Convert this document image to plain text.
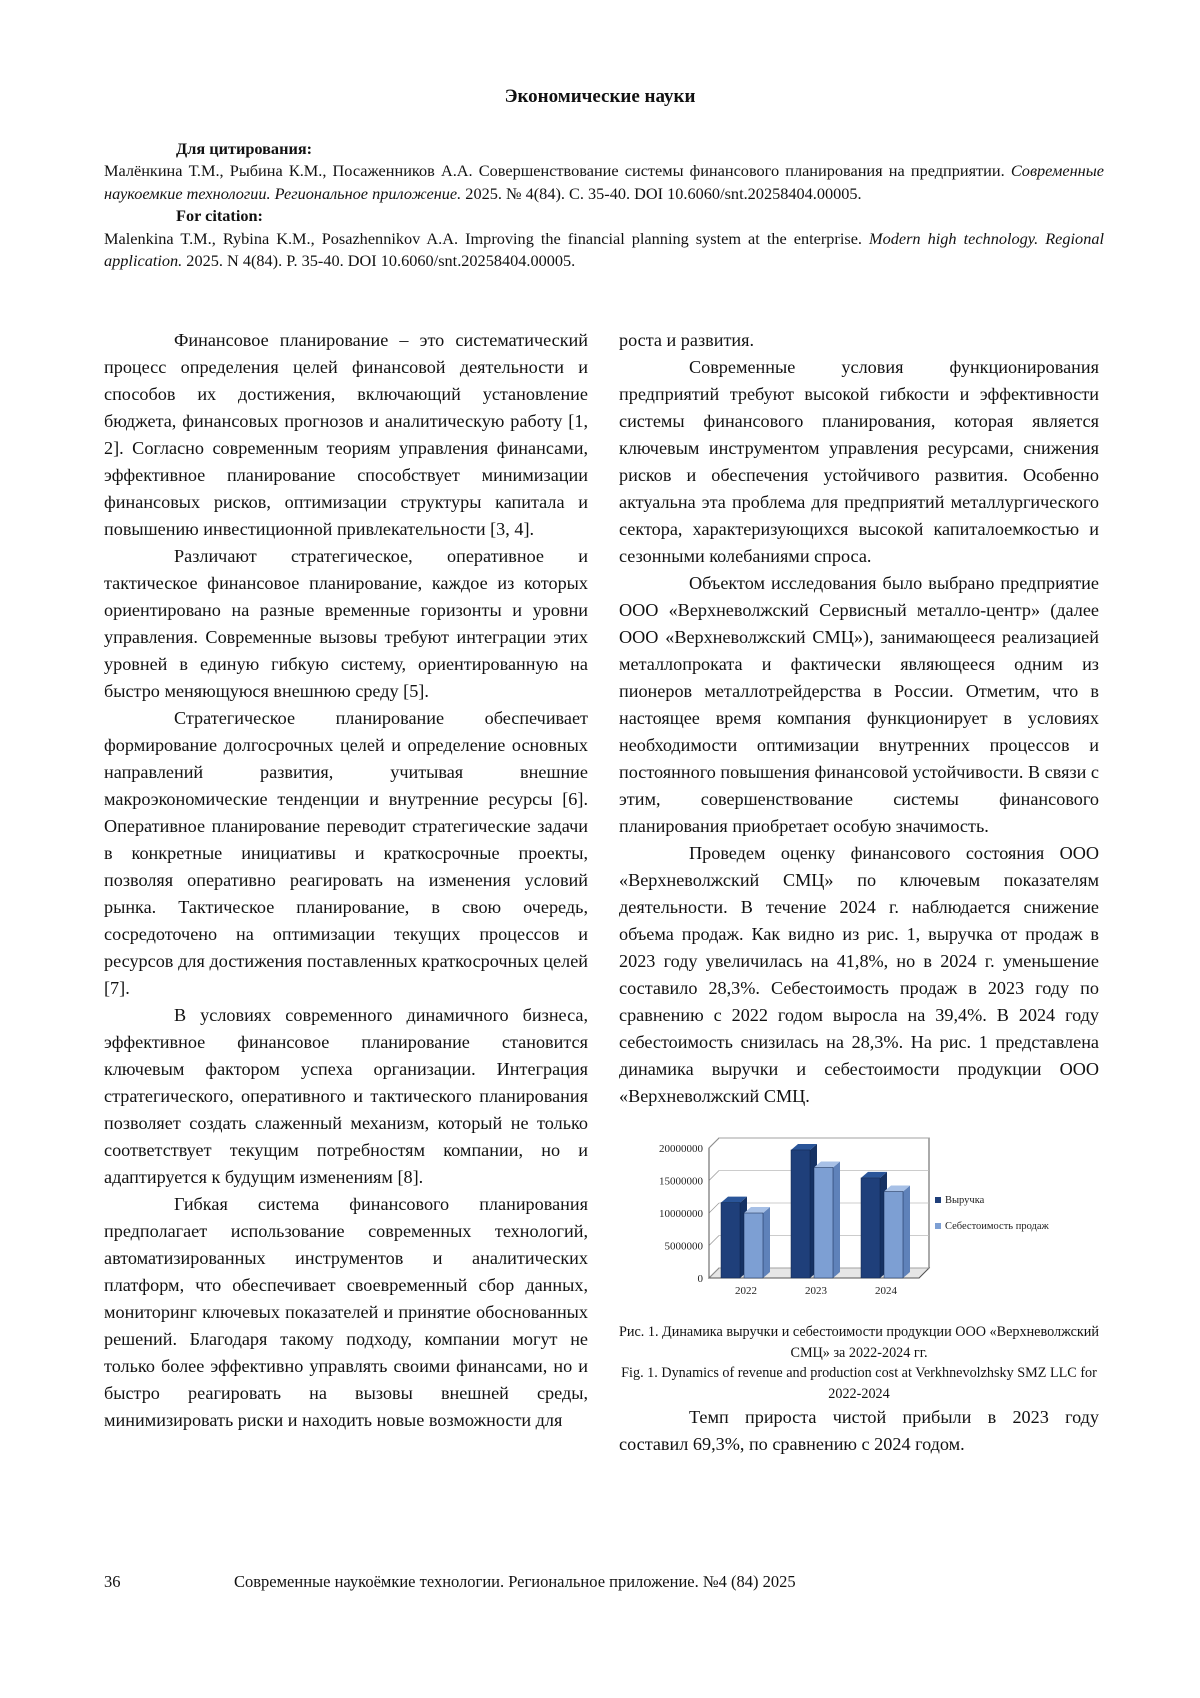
Экономические науки
Для цитирования:

Малёнкина Т.М., Рыбина К.М., Посаженников А.А. Совершенствование системы финансового планирования на предприятии. Современные наукоемкие технологии. Региональное приложение. 2025. № 4(84). С. 35-40. DOI 10.6060/snt.20258404.00005.

For citation:

Malenkina T.M., Rybina K.M., Posazhennikov A.A. Improving the financial planning system at the enterprise. Modern high technology. Regional application. 2025. N 4(84). P. 35-40. DOI 10.6060/snt.20258404.00005.

Финансовое планирование – это систематический процесс определения целей финансовой деятельности и способов их достижения, включающий установление бюджета, финансовых прогнозов и аналитическую работу [1, 2]. Согласно современным теориям управления финансами, эффективное планирование способствует минимизации финансовых рисков, оптимизации структуры капитала и повышению инвестиционной привлекательности [3, 4].

Различают стратегическое, оперативное и тактическое финансовое планирование, каждое из которых ориентировано на разные временные горизонты и уровни управления. Современные вызовы требуют интеграции этих уровней в единую гибкую систему, ориентированную на быстро меняющуюся внешнюю среду [5].

Стратегическое планирование обеспечивает формирование долгосрочных целей и определение основных направлений развития, учитывая внешние макроэкономические тенденции и внутренние ресурсы [6]. Оперативное планирование переводит стратегические задачи в конкретные инициативы и краткосрочные проекты, позволяя оперативно реагировать на изменения условий рынка. Тактическое планирование, в свою очередь, сосредоточено на оптимизации текущих процессов и ресурсов для достижения поставленных краткосрочных целей [7].

В условиях современного динамичного бизнеса, эффективное финансовое планирование становится ключевым фактором успеха организации. Интеграция стратегического, оперативного и тактического планирования позволяет создать слаженный механизм, который не только соответствует текущим потребностям компании, но и адаптируется к будущим изменениям [8].

Гибкая система финансового планирования предполагает использование современных технологий, автоматизированных инструментов и аналитических платформ, что обеспечивает своевременный сбор данных, мониторинг ключевых показателей и принятие обоснованных решений. Благодаря такому подходу, компании могут не только более эффективно управлять своими финансами, но и быстро реагировать на вызовы внешней среды, минимизировать риски и находить новые возможности для

роста и развития.

Современные условия функционирования предприятий требуют высокой гибкости и эффективности системы финансового планирования, которая является ключевым инструментом управления ресурсами, снижения рисков и обеспечения устойчивого развития. Особенно актуальна эта проблема для предприятий металлургического сектора, характеризующихся высокой капиталоемкостью и сезонными колебаниями спроса.

Объектом исследования было выбрано предприятие ООО «Верхневолжский Сервисный металло-центр» (далее ООО «Верхневолжский СМЦ»), занимающееся реализацией металлопроката и фактически являющееся одним из пионеров металлотрейдерства в России. Отметим, что в настоящее время компания функционирует в условиях необходимости оптимизации внутренних процессов и постоянного повышения финансовой устойчивости. В связи с этим, совершенствование системы финансового планирования приобретает особую значимость.

Проведем оценку финансового состояния ООО «Верхневолжский СМЦ» по ключевым показателям деятельности. В течение 2024 г. наблюдается снижение объема продаж. Как видно из рис. 1, выручка от продаж в 2023 году увеличилась на 41,8%, но в 2024 г. уменьшение составило 28,3%. Себестоимость продаж в 2023 году по сравнению с 2022 годом выросла на 39,4%. В 2024 году себестоимость снизилась на 28,3%. На рис. 1 представлена динамика выручки и себестоимости продукции ООО «Верхневолжский СМЦ.

0
5000000
10000000
15000000
20000000
2022	2023	2024
Выручка
Себестоимость продаж
Рис. 1. Динамика выручки и себестоимости продукции ООО «Верхневолжский СМЦ» за 2022-2024 гг.
Fig. 1. Dynamics of revenue and production cost at Verkhnevolzhsky SMZ LLC for 2022-2024

Темп прироста чистой прибыли в 2023 году составил 69,3%, по сравнению с 2024 годом.

36	Современные наукоёмкие технологии. Региональное приложение. №4 (84) 2025
